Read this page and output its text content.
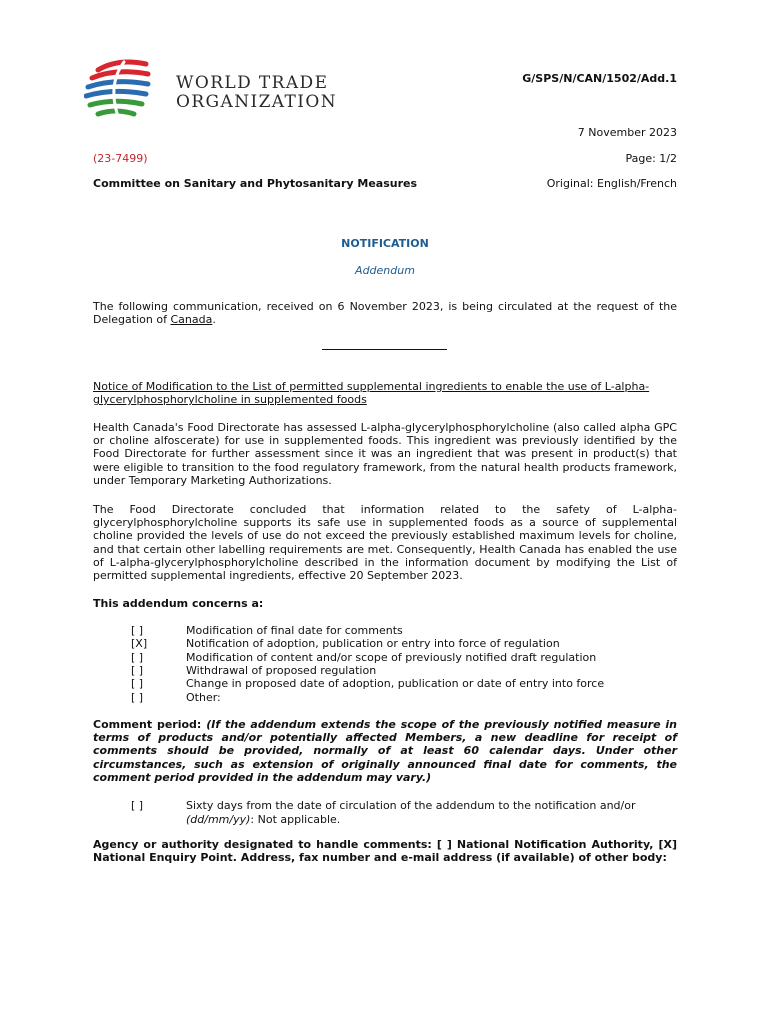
WORLD TRADE
ORGANIZATION
G/SPS/N/CAN/1502/Add.1
7 November 2023
(23-7499)	Page: 1/2
Committee on Sanitary and Phytosanitary Measures	Original: English/French
NOTIFICATION
Addendum
The following communication, received on 6 November 2023, is being circulated at the request of the Delegation of Canada.
Notice of Modification to the List of permitted supplemental ingredients to enable the use of L-alpha-glycerylphosphorylcholine in supplemented foods
Health Canada's Food Directorate has assessed L-alpha-glycerylphosphorylcholine (also called alpha GPC or choline alfoscerate) for use in supplemented foods. This ingredient was previously identified by the Food Directorate for further assessment since it was an ingredient that was present in product(s) that were eligible to transition to the food regulatory framework, from the natural health products framework, under Temporary Marketing Authorizations.
The Food Directorate concluded that information related to the safety of L-alpha-glycerylphosphorylcholine supports its safe use in supplemented foods as a source of supplemental choline provided the levels of use do not exceed the previously established maximum levels for choline, and that certain other labelling requirements are met. Consequently, Health Canada has enabled the use of L-alpha-glycerylphosphorylcholine described in the information document by modifying the List of permitted supplemental ingredients, effective 20 September 2023.
This addendum concerns a:
[ ]	Modification of final date for comments
[X]	Notification of adoption, publication or entry into force of regulation
[ ]	Modification of content and/or scope of previously notified draft regulation
[ ]	Withdrawal of proposed regulation
[ ]	Change in proposed date of adoption, publication or date of entry into force
[ ]	Other:
Comment period: (If the addendum extends the scope of the previously notified measure in terms of products and/or potentially affected Members, a new deadline for receipt of comments should be provided, normally of at least 60 calendar days. Under other circumstances, such as extension of originally announced final date for comments, the comment period provided in the addendum may vary.)
[ ]	Sixty days from the date of circulation of the addendum to the notification and/or
(dd/mm/yy): Not applicable.
Agency or authority designated to handle comments: [ ] National Notification Authority, [X] National Enquiry Point. Address, fax number and e-mail address (if available) of other body:
